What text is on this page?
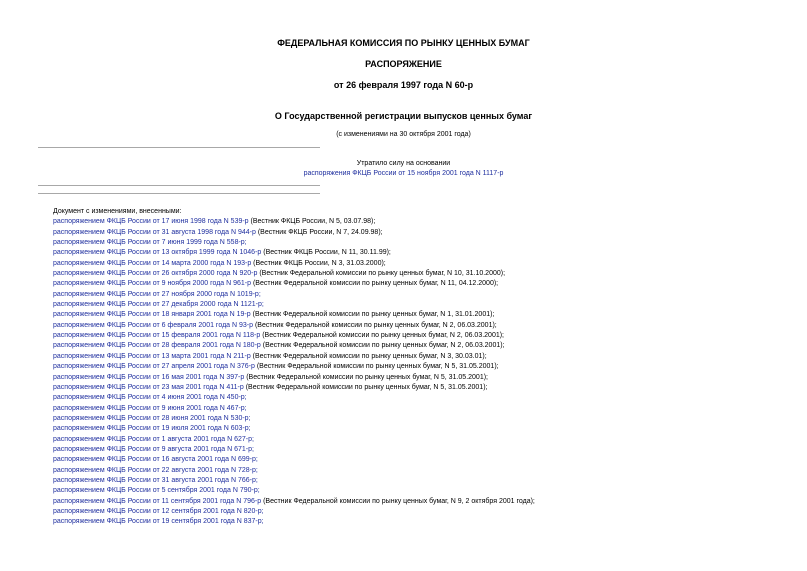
ФЕДЕРАЛЬНАЯ КОМИССИЯ ПО РЫНКУ ЦЕННЫХ БУМАГ
РАСПОРЯЖЕНИЕ
от 26 февраля 1997 года N 60-р
О Государственной регистрации выпусков ценных бумаг
(с изменениями на 30 октября 2001 года)
Утратило силу на основании
распоряжения ФКЦБ России от 15 ноября 2001 года N 1117-р
Документ с изменениями, внесенными:
распоряжением ФКЦБ России от 17 июня 1998 года N 539-р (Вестник ФКЦБ России, N 5, 03.07.98);
распоряжением ФКЦБ России от 31 августа 1998 года N 944-р (Вестник ФКЦБ России, N 7, 24.09.98);
распоряжением ФКЦБ России от 7 июня 1999 года N 558-р;
распоряжением ФКЦБ России от 13 октября 1999 года N 1046-р (Вестник ФКЦБ России, N 11, 30.11.99);
распоряжением ФКЦБ России от 14 марта 2000 года N 193-р (Вестник ФКЦБ России, N 3, 31.03.2000);
распоряжением ФКЦБ России от 26 октября 2000 года N 920-р (Вестник Федеральной комиссии по рынку ценных бумаг, N 10, 31.10.2000);
распоряжением ФКЦБ России от 9 ноября 2000 года N 961-р (Вестник Федеральной комиссии по рынку ценных бумаг, N 11, 04.12.2000);
распоряжением ФКЦБ России от 27 ноября 2000 года N 1019-р;
распоряжением ФКЦБ России от 27 декабря 2000 года N 1121-р;
распоряжением ФКЦБ России от 18 января 2001 года N 19-р (Вестник Федеральной комиссии по рынку ценных бумаг, N 1, 31.01.2001);
распоряжением ФКЦБ России от 6 февраля 2001 года N 93-р (Вестник Федеральной комиссии по рынку ценных бумаг, N 2, 06.03.2001);
распоряжением ФКЦБ России от 15 февраля 2001 года N 118-р (Вестник Федеральной комиссии по рынку ценных бумаг, N 2, 06.03.2001);
распоряжением ФКЦБ России от 28 февраля 2001 года N 180-р (Вестник Федеральной комиссии по рынку ценных бумаг, N 2, 06.03.2001);
распоряжением ФКЦБ России от 13 марта 2001 года N 211-р (Вестник Федеральной комиссии по рынку ценных бумаг, N 3, 30.03.01);
распоряжением ФКЦБ России от 27 апреля 2001 года N 376-р (Вестник Федеральной комиссии по рынку ценных бумаг, N 5, 31.05.2001);
распоряжением ФКЦБ России от 16 мая 2001 года N 397-р (Вестник Федеральной комиссии по рынку ценных бумаг, N 5, 31.05.2001);
распоряжением ФКЦБ России от 23 мая 2001 года N 411-р (Вестник Федеральной комиссии по рынку ценных бумаг, N 5, 31.05.2001);
распоряжением ФКЦБ России от 4 июня 2001 года N 450-р;
распоряжением ФКЦБ России от 9 июня 2001 года N 467-р;
распоряжением ФКЦБ России от 28 июня 2001 года N 530-р;
распоряжением ФКЦБ России от 19 июля 2001 года N 603-р;
распоряжением ФКЦБ России от 1 августа 2001 года N 627-р;
распоряжением ФКЦБ России от 9 августа 2001 года N 671-р;
распоряжением ФКЦБ России от 16 августа 2001 года N 699-р;
распоряжением ФКЦБ России от 22 августа 2001 года N 728-р;
распоряжением ФКЦБ России от 31 августа 2001 года N 766-р;
распоряжением ФКЦБ России от 5 сентября 2001 года N 790-р;
распоряжением ФКЦБ России от 11 сентября 2001 года N 796-р (Вестник Федеральной комиссии по рынку ценных бумаг, N 9, 2 октября 2001 года);
распоряжением ФКЦБ России от 12 сентября 2001 года N 820-р;
распоряжением ФКЦБ России от 19 сентября 2001 года N 837-р;
